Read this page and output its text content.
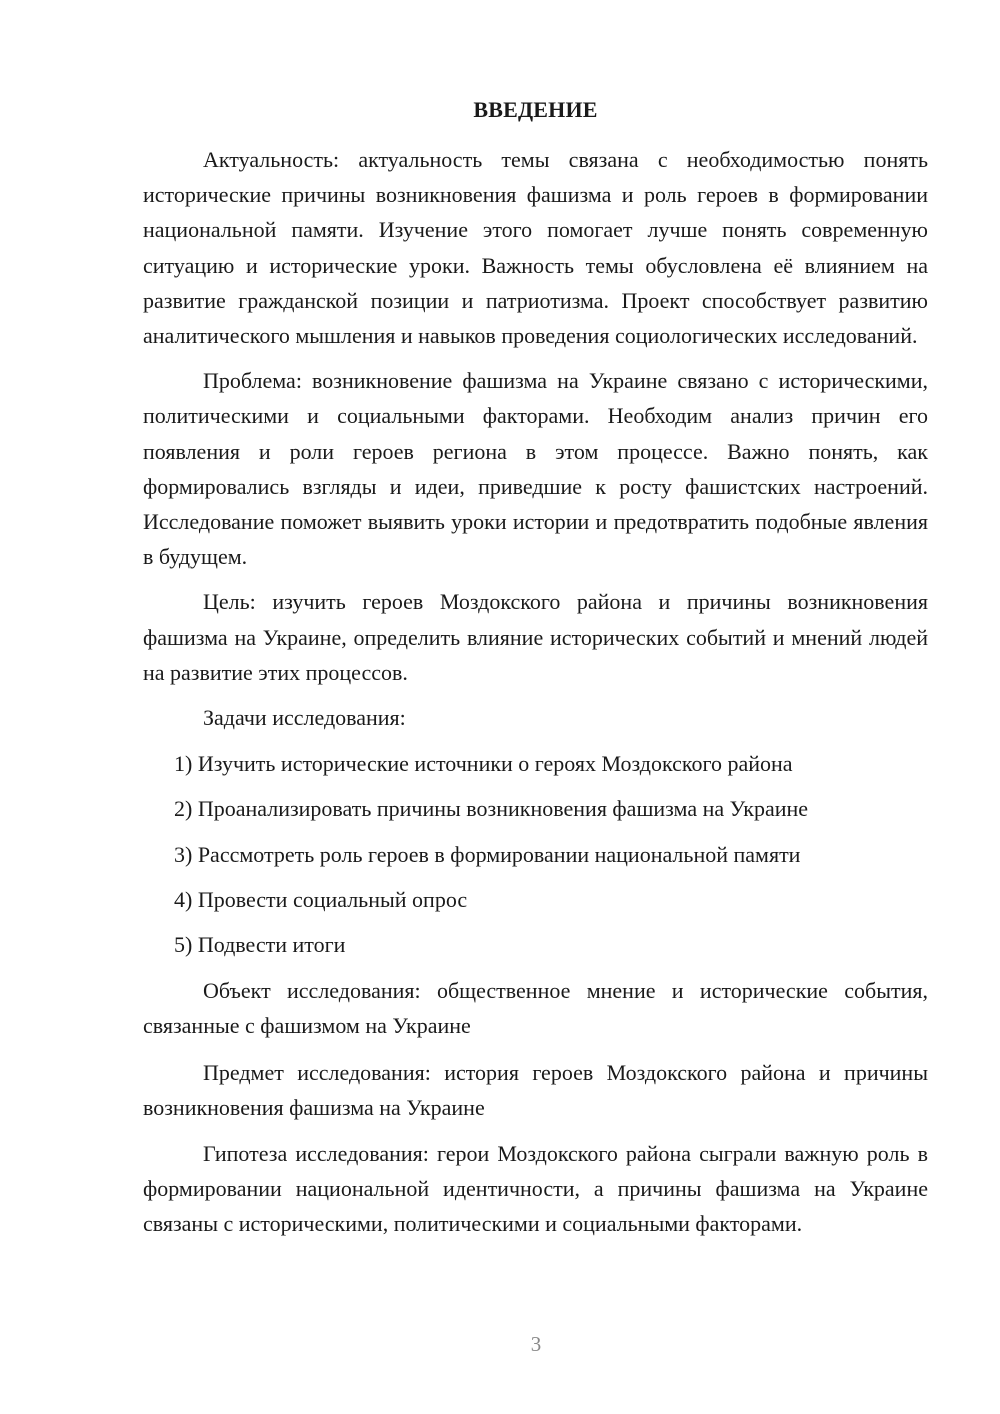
ВВЕДЕНИЕ

Актуальность: актуальность темы связана с необходимостью понять исторические причины возникновения фашизма и роль героев в формировании национальной памяти. Изучение этого помогает лучше понять современную ситуацию и исторические уроки. Важность темы обусловлена её влиянием на развитие гражданской позиции и патриотизма. Проект способствует развитию аналитического мышления и навыков проведения социологических исследований.

Проблема: возникновение фашизма на Украине связано с историческими, политическими и социальными факторами. Необходим анализ причин его появления и роли героев региона в этом процессе. Важно понять, как формировались взгляды и идеи, приведшие к росту фашистских настроений. Исследование поможет выявить уроки истории и предотвратить подобные явления в будущем.

Цель: изучить героев Моздокского района и причины возникновения фашизма на Украине, определить влияние исторических событий и мнений людей на развитие этих процессов.

Задачи исследования:

1) Изучить исторические источники о героях Моздокского района
2) Проанализировать причины возникновения фашизма на Украине
3) Рассмотреть роль героев в формировании национальной памяти
4) Провести социальный опрос
5) Подвести итоги

Объект исследования: общественное мнение и исторические события, связанные с фашизмом на Украине

Предмет исследования: история героев Моздокского района и причины возникновения фашизма на Украине

Гипотеза исследования: герои Моздокского района сыграли важную роль в формировании национальной идентичности, а причины фашизма на Украине связаны с историческими, политическими и социальными факторами.

3
